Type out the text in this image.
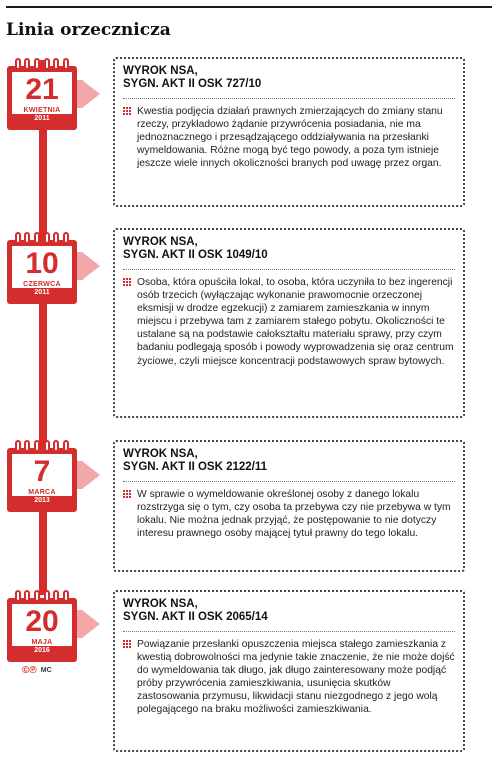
Linia orzecznicza
21
KWIETNIA
2011
WYROK NSA,
SYGN. AKT II OSK 727/10
Kwestia podjęcia działań prawnych zmierzających do zmiany stanu rzeczy, przykładowo żądanie przywrócenia posiadania, nie ma jednoznacznego i przesądzającego oddziaływania na przesłanki wymeldowania. Różne mogą być tego powody, a poza tym istnieje jeszcze wiele innych okoliczności branych pod uwagę przez organ.
10
CZERWCA
2011
WYROK NSA,
SYGN. AKT II OSK 1049/10
Osoba, która opuściła lokal, to osoba, która uczyniła to bez ingerencji osób trzecich (wyłączając wykonanie prawomocnie orzeczonej eksmisji w drodze egzekucji) z zamiarem zamieszkania w innym miejscu i przebywa tam z zamiarem stałego pobytu. Okoliczności te ustalane są na podstawie całokształtu materiału sprawy, przy czym badaniu podlegają sposób i powody wyprowadzenia się oraz centrum życiowe, czyli miejsce koncentracji podstawowych spraw bytowych.
7
MARCA
2013
WYROK NSA,
SYGN. AKT II OSK 2122/11
W sprawie o wymeldowanie określonej osoby z danego lokalu rozstrzyga się o tym, czy osoba ta przebywa czy nie przebywa w tym lokalu. Nie można jednak przyjąć, że postępowanie to nie dotyczy interesu prawnego osoby mającej tytuł prawny do tego lokalu.
20
MAJA
2016
WYROK NSA,
SYGN. AKT II OSK 2065/14
Powiązanie przesłanki opuszczenia miejsca stałego zamieszkania z kwestią dobrowolności ma jedynie takie znaczenie, że nie może dojść do wymeldowania tak długo, jak długo zainteresowany może podjąć próby przywrócenia zamieszkiwania, usunięcia skutków zastosowania przymusu, likwidacji stanu niezgodnego z jego wolą polegającego na braku możliwości zamieszkiwania.
©℗ MC
